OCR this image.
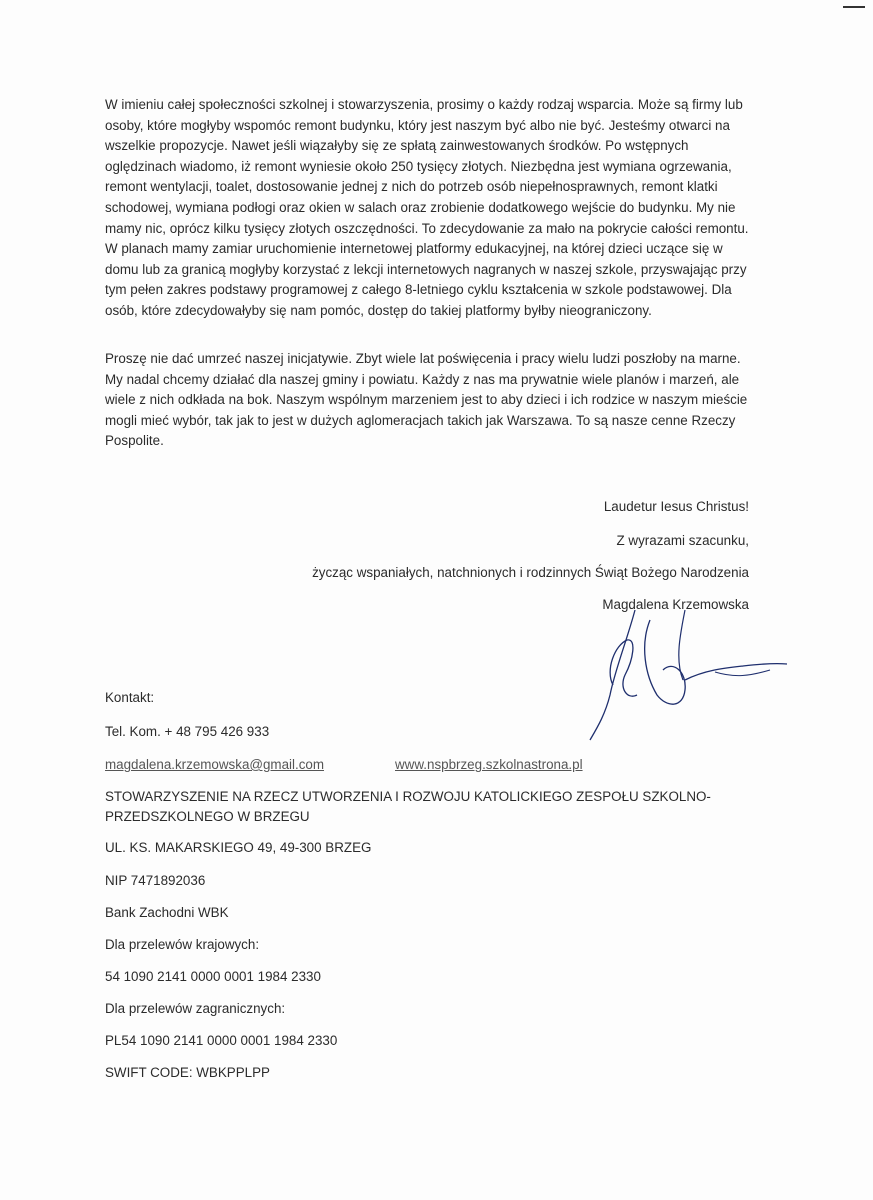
W imieniu całej społeczności szkolnej i stowarzyszenia, prosimy o każdy rodzaj wsparcia. Może są firmy lub osoby, które mogłyby wspomóc remont budynku, który jest naszym być albo nie być. Jesteśmy otwarci na wszelkie propozycje. Nawet jeśli wiązałyby się ze spłatą zainwestowanych środków. Po wstępnych oględzinach wiadomo, iż remont wyniesie około 250 tysięcy złotych. Niezbędna jest wymiana ogrzewania, remont wentylacji, toalet, dostosowanie jednej z nich do potrzeb osób niepełnosprawnych, remont klatki schodowej, wymiana podłogi oraz okien w salach oraz zrobienie dodatkowego wejście do budynku. My nie mamy nic, oprócz kilku tysięcy złotych oszczędności. To zdecydowanie za mało na pokrycie całości remontu. W planach mamy zamiar uruchomienie internetowej platformy edukacyjnej, na której dzieci uczące się w domu lub za granicą mogłyby korzystać z lekcji internetowych nagranych w naszej szkole, przyswajając przy tym pełen zakres podstawy programowej z całego 8-letniego cyklu kształcenia w szkole podstawowej. Dla osób, które zdecydowałyby się nam pomóc, dostęp do takiej platformy byłby nieograniczony.

Proszę nie dać umrzeć naszej inicjatywie. Zbyt wiele lat poświęcenia i pracy wielu ludzi poszłoby na marne. My nadal chcemy działać dla naszej gminy i powiatu. Każdy z nas ma prywatnie wiele planów i marzeń, ale wiele z nich odkłada na bok. Naszym wspólnym marzeniem jest to aby dzieci i ich rodzice w naszym mieście mogli mieć wybór, tak jak to jest w dużych aglomeracjach takich jak Warszawa. To są nasze cenne Rzeczy Pospolite.

Laudetur Iesus Christus!
Z wyrazami szacunku,
życząc wspaniałych, natchnionych i rodzinnych Świąt Bożego Narodzenia
Magdalena Krzemowska
Kontakt:
Tel. Kom. + 48 795 426 933
magdalena.krzemowska@gmail.com	www.nspbrzeg.szkolnastrona.pl
STOWARZYSZENIE NA RZECZ UTWORZENIA I ROZWOJU KATOLICKIEGO ZESPOŁU SZKOLNO-PRZEDSZKOLNEGO W BRZEGU
UL. KS. MAKARSKIEGO 49, 49-300 BRZEG
NIP 7471892036
Bank Zachodni WBK
Dla przelewów krajowych:
54 1090 2141 0000 0001 1984 2330
Dla przelewów zagranicznych:
PL54 1090 2141 0000 0001 1984 2330
SWIFT CODE: WBKPPLPP
